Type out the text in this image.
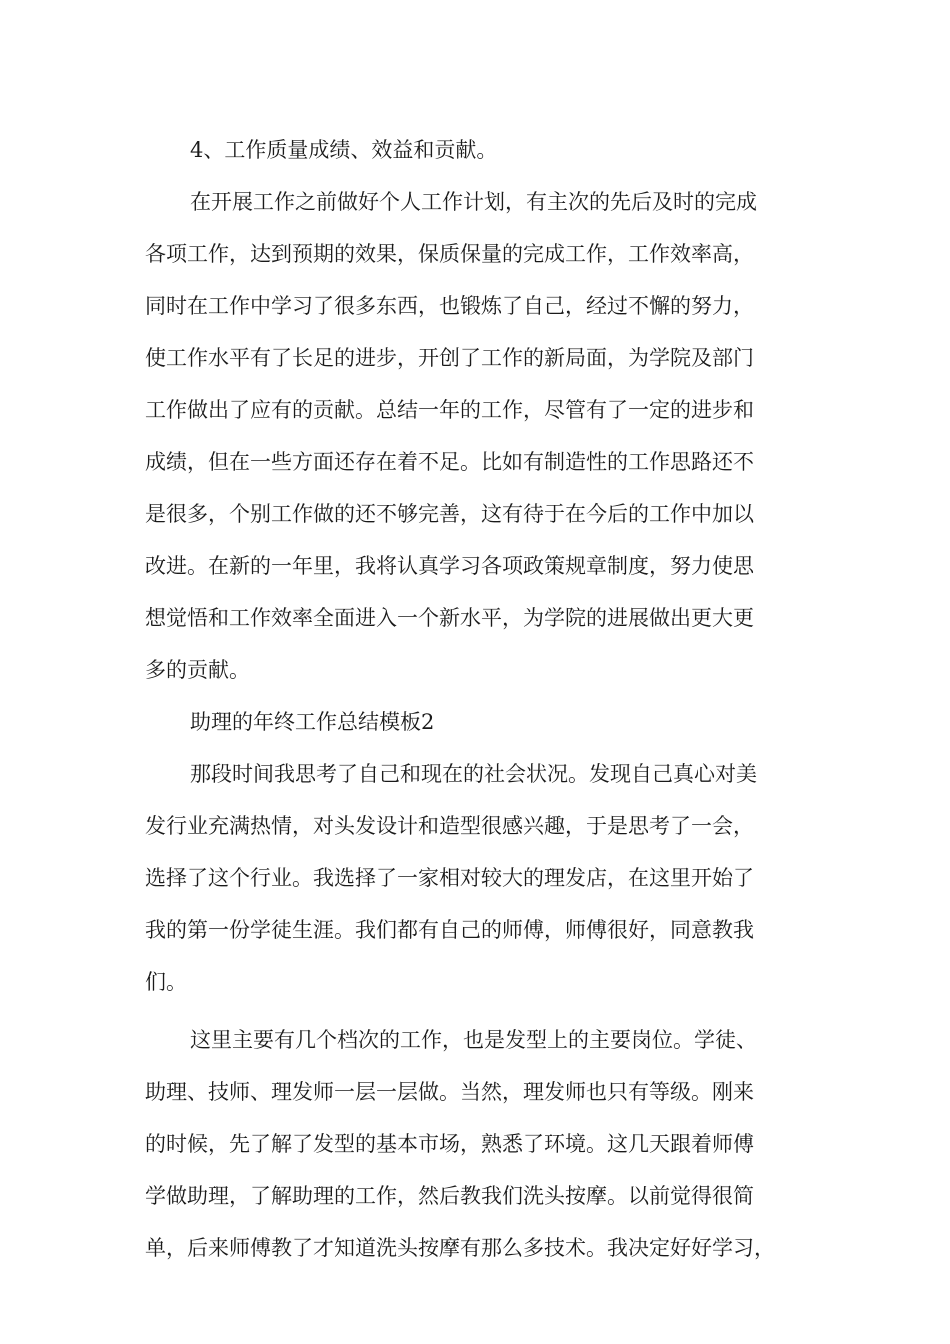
4、工作质量成绩、效益和贡献。
在开展工作之前做好个人工作计划，有主次的先后及时的完成
各项工作，达到预期的效果，保质保量的完成工作，工作效率高，
同时在工作中学习了很多东西，也锻炼了自己，经过不懈的努力，
使工作水平有了长足的进步，开创了工作的新局面，为学院及部门
工作做出了应有的贡献。总结一年的工作，尽管有了一定的进步和
成绩，但在一些方面还存在着不足。比如有制造性的工作思路还不
是很多，个别工作做的还不够完善，这有待于在今后的工作中加以
改进。在新的一年里，我将认真学习各项政策规章制度，努力使思
想觉悟和工作效率全面进入一个新水平，为学院的进展做出更大更
多的贡献。
助理的年终工作总结模板2
那段时间我思考了自己和现在的社会状况。发现自己真心对美
发行业充满热情，对头发设计和造型很感兴趣，于是思考了一会，
选择了这个行业。我选择了一家相对较大的理发店，在这里开始了
我的第一份学徒生涯。我们都有自己的师傅，师傅很好，同意教我
们。
这里主要有几个档次的工作，也是发型上的主要岗位。学徒、
助理、技师、理发师一层一层做。当然，理发师也只有等级。刚来
的时候，先了解了发型的基本市场，熟悉了环境。这几天跟着师傅
学做助理，了解助理的工作，然后教我们洗头按摩。以前觉得很简
单，后来师傅教了才知道洗头按摩有那么多技术。我决定好好学习，
